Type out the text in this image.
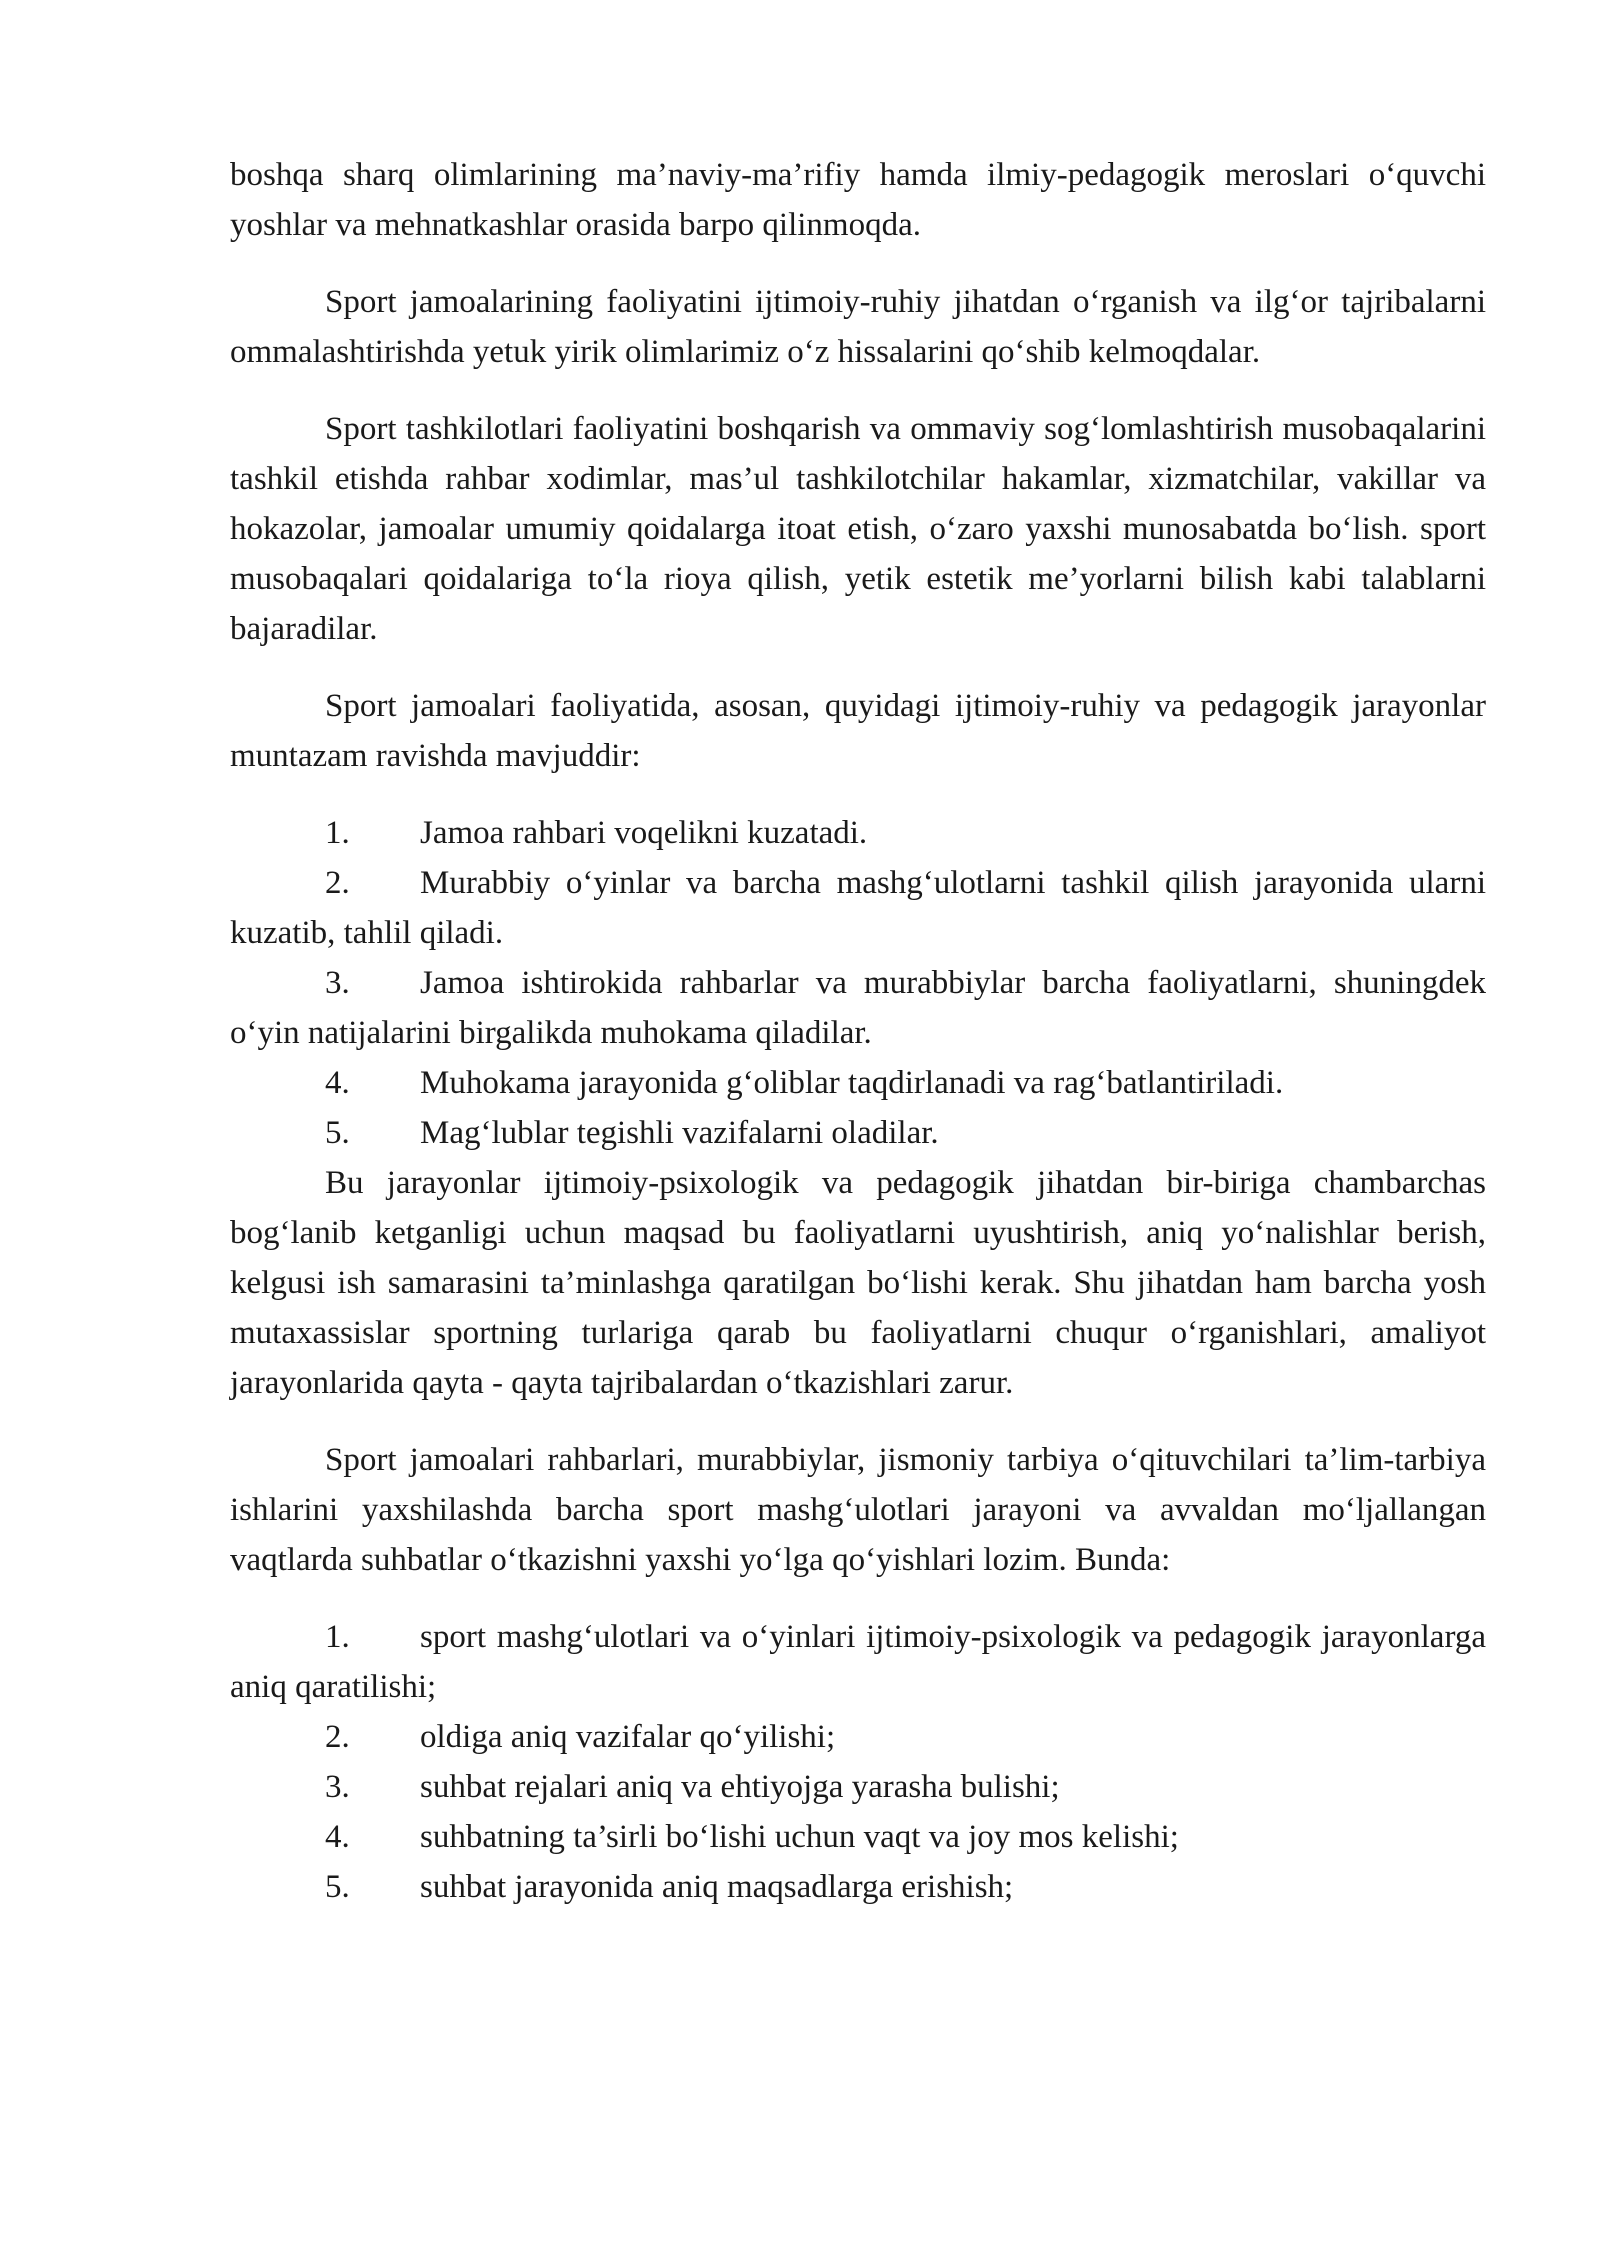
boshqa sharq olimlarining ma’naviy-ma’rifiy hamda ilmiy-pedagogik meroslari o‘quvchi yoshlar va mehnatkashlar orasida barpo qilinmoqda.

Sport jamoalarining faoliyatini ijtimoiy-ruhiy jihatdan o‘rganish va ilg‘or tajribalarni ommalashtirishda yetuk yirik olimlarimiz o‘z hissalarini qo‘shib kelmoqdalar.

Sport tashkilotlari faoliyatini boshqarish va ommaviy sog‘lomlashtirish musobaqalarini tashkil etishda rahbar xodimlar, mas’ul tashkilotchilar hakamlar, xizmatchilar, vakillar va hokazolar, jamoalar umumiy qoidalarga itoat etish, o‘zaro yaxshi munosabatda bo‘lish. sport musobaqalari qoidalariga to‘la rioya qilish, yetik estetik me’yorlarni bilish kabi talablarni bajaradilar.

Sport jamoalari faoliyatida, asosan, quyidagi ijtimoiy-ruhiy va pedagogik jarayonlar muntazam ravishda mavjuddir:

1. Jamoa rahbari voqelikni kuzatadi.

2. Murabbiy o‘yinlar va barcha mashg‘ulotlarni tashkil qilish jarayonida ularni kuzatib, tahlil qiladi.

3. Jamoa ishtirokida rahbarlar va murabbiylar barcha faoliyatlarni, shuningdek o‘yin natijalarini birgalikda muhokama qiladilar.

4. Muhokama jarayonida g‘oliblar taqdirlanadi va rag‘batlantiriladi.

5. Mag‘lublar tegishli vazifalarni oladilar.

Bu jarayonlar ijtimoiy-psixologik va pedagogik jihatdan bir-biriga chambarchas bog‘lanib ketganligi uchun maqsad bu faoliyatlarni uyushtirish, aniq yo‘nalishlar berish, kelgusi ish samarasini ta’minlashga qaratilgan bo‘lishi kerak. Shu jihatdan ham barcha yosh mutaxassislar sportning turlariga qarab bu faoliyatlarni chuqur o‘rganishlari, amaliyot jarayonlarida qayta - qayta tajribalardan o‘tkazishlari zarur.

Sport jamoalari rahbarlari, murabbiylar, jismoniy tarbiya o‘qituvchilari ta’lim-tarbiya ishlarini yaxshilashda barcha sport mashg‘ulotlari jarayoni va avvaldan mo‘ljallangan vaqtlarda suhbatlar o‘tkazishni yaxshi yo‘lga qo‘yishlari lozim. Bunda:

1. sport mashg‘ulotlari va o‘yinlari ijtimoiy-psixologik va pedagogik jarayonlarga aniq qaratilishi;

2. oldiga aniq vazifalar qo‘yilishi;

3. suhbat rejalari aniq va ehtiyojga yarasha bulishi;

4. suhbatning ta’sirli bo‘lishi uchun vaqt va joy mos kelishi;

5. suhbat jarayonida aniq maqsadlarga erishish;
